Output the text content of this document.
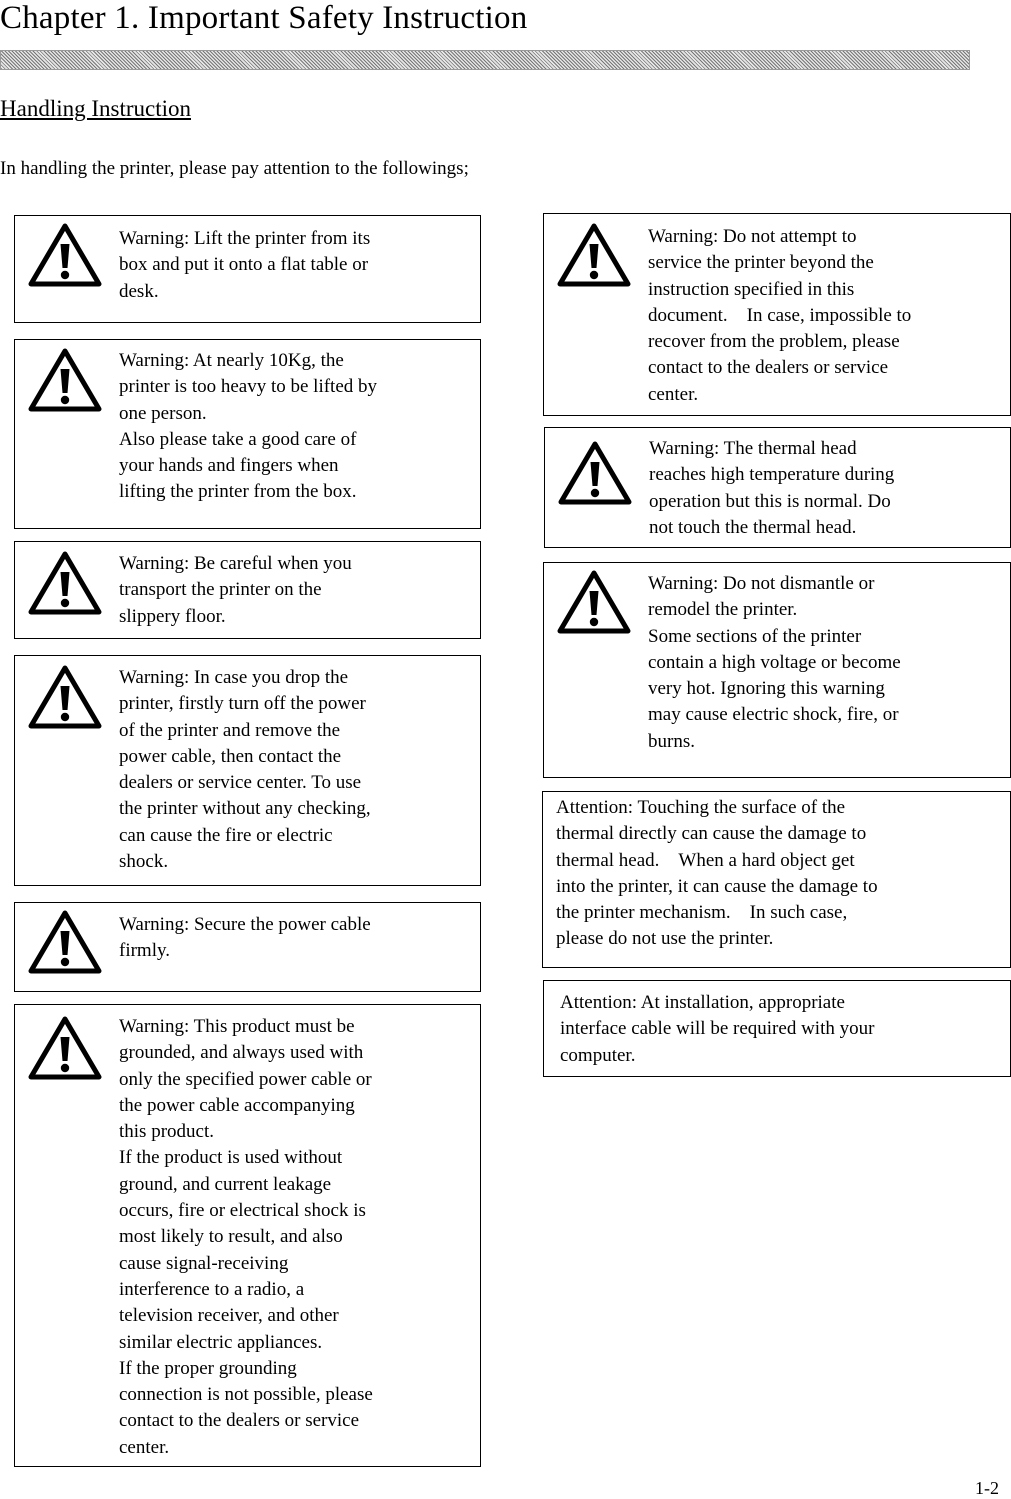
Chapter 1. Important Safety Instruction
Handling Instruction
In handling the printer, please pay attention to the followings;
Warning: Lift the printer from its
box and put it onto a flat table or
desk.
Warning: At nearly 10Kg, the
printer is too heavy to be lifted by
one person.
Also please take a good care of
your hands and fingers when
lifting the printer from the box.
Warning: Be careful when you
transport the printer on the
slippery floor.
Warning: In case you drop the
printer, firstly turn off the power
of the printer and remove the
power cable, then contact the
dealers or service center. To use
the printer without any checking,
can cause the fire or electric
shock.
Warning: Secure the power cable
firmly.
Warning: This product must be
grounded, and always used with
only the specified power cable or
the power cable accompanying
this product.
If the product is used without
ground, and current leakage
occurs, fire or electrical shock is
most likely to result, and also
cause signal-receiving
interference to a radio, a
television receiver, and other
similar electric appliances.
If the proper grounding
connection is not possible, please
contact to the dealers or service
center.
Warning: Do not attempt to
service the printer beyond the
instruction specified in this
document.　In case, impossible to
recover from the problem, please
contact to the dealers or service
center.
Warning: The thermal head
reaches high temperature during
operation but this is normal. Do
not touch the thermal head.
Warning: Do not dismantle or
remodel the printer.
Some sections of the printer
contain a high voltage or become
very hot. Ignoring this warning
may cause electric shock, fire, or
burns.
Attention: Touching the surface of the
thermal directly can cause the damage to
thermal head.　When a hard object get
into the printer, it can cause the damage to
the printer mechanism.　In such case,
please do not use the printer.
Attention: At installation, appropriate
interface cable will be required with your
computer.
1-2
